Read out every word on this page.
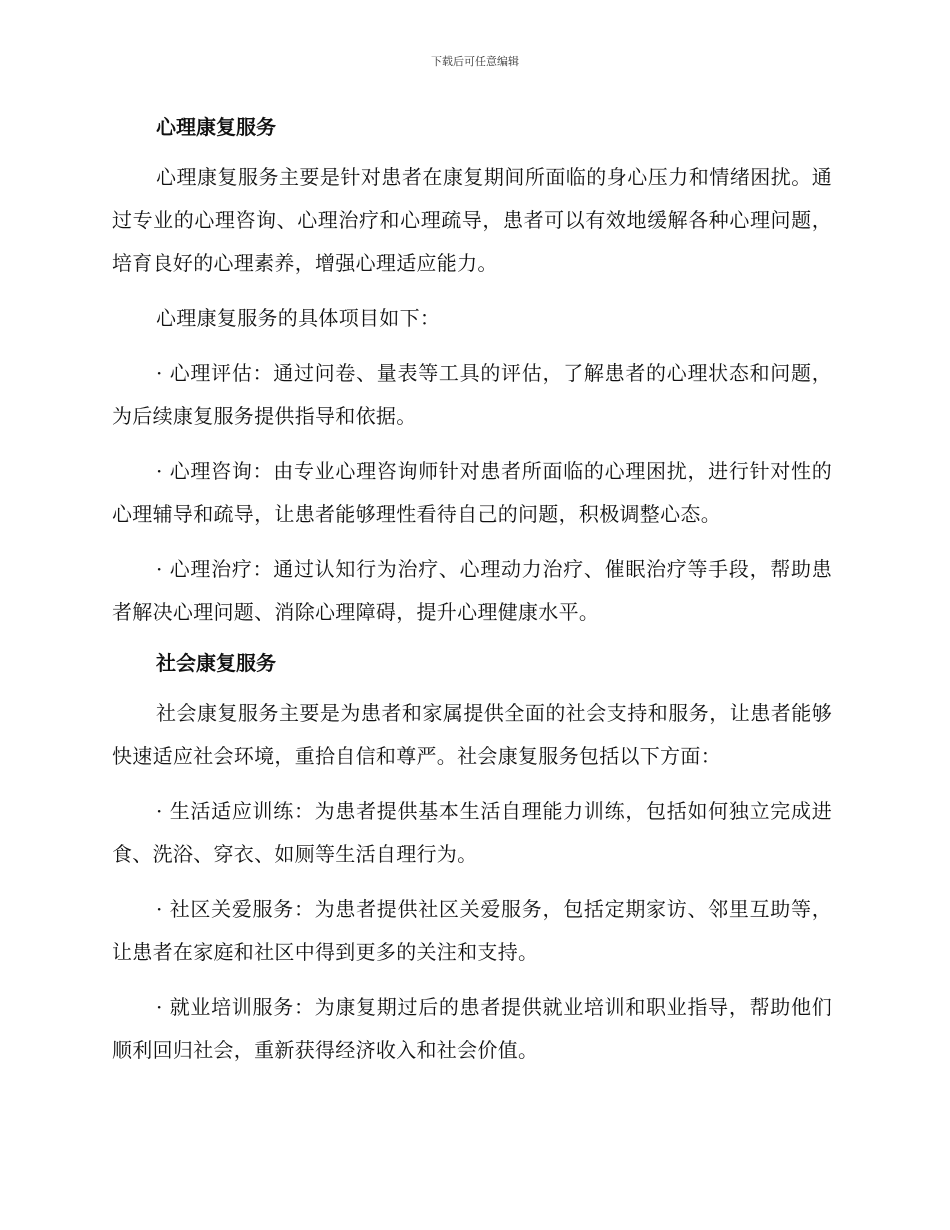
下载后可任意编辑
心理康复服务

心理康复服务主要是针对患者在康复期间所面临的身心压力和情绪困扰。通过专业的心理咨询、心理治疗和心理疏导，患者可以有效地缓解各种心理问题，培育良好的心理素养，增强心理适应能力。

心理康复服务的具体项目如下：

· 心理评估：通过问卷、量表等工具的评估，了解患者的心理状态和问题，为后续康复服务提供指导和依据。

· 心理咨询：由专业心理咨询师针对患者所面临的心理困扰，进行针对性的心理辅导和疏导，让患者能够理性看待自己的问题，积极调整心态。

· 心理治疗：通过认知行为治疗、心理动力治疗、催眠治疗等手段，帮助患者解决心理问题、消除心理障碍，提升心理健康水平。

社会康复服务

社会康复服务主要是为患者和家属提供全面的社会支持和服务，让患者能够快速适应社会环境，重拾自信和尊严。社会康复服务包括以下方面：

· 生活适应训练：为患者提供基本生活自理能力训练，包括如何独立完成进食、洗浴、穿衣、如厕等生活自理行为。

· 社区关爱服务：为患者提供社区关爱服务，包括定期家访、邻里互助等，让患者在家庭和社区中得到更多的关注和支持。

· 就业培训服务：为康复期过后的患者提供就业培训和职业指导，帮助他们顺利回归社会，重新获得经济收入和社会价值。
